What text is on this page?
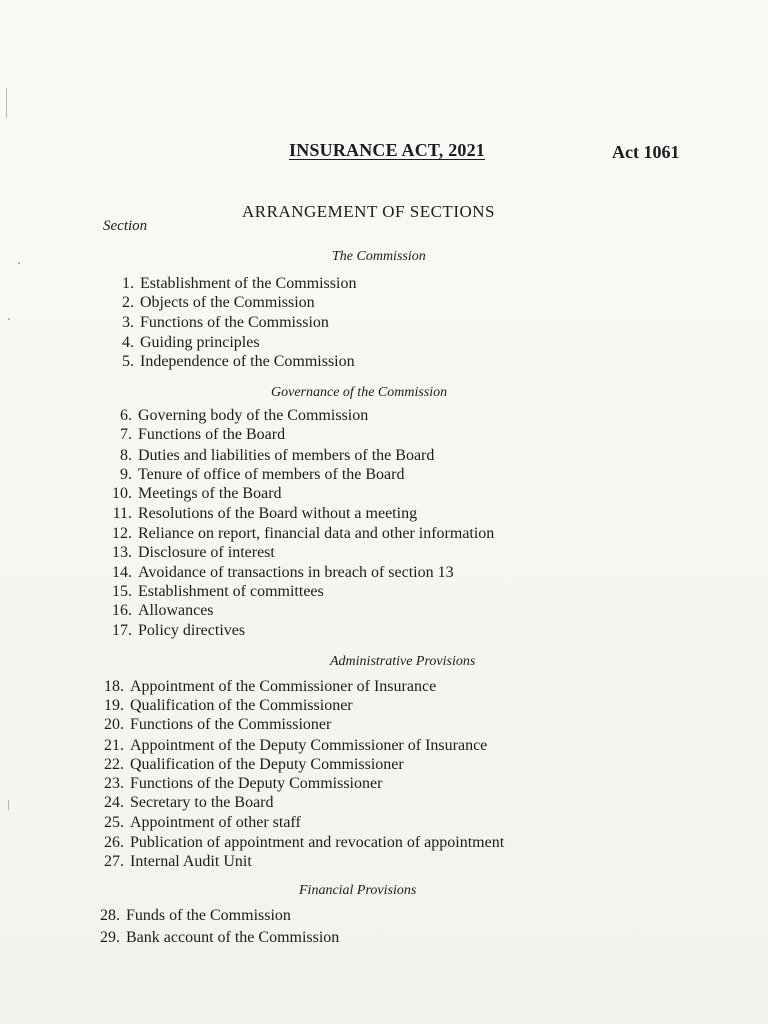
INSURANCE ACT, 2021	Act 1061
ARRANGEMENT OF SECTIONS
Section
The Commission
Governance of the Commission
Administrative Provisions
Financial Provisions
1. Establishment of the Commission
2. Objects of the Commission
3. Functions of the Commission
4. Guiding principles
5. Independence of the Commission
6. Governing body of the Commission
7. Functions of the Board
8. Duties and liabilities of members of the Board
9. Tenure of office of members of the Board
10. Meetings of the Board
11. Resolutions of the Board without a meeting
12. Reliance on report, financial data and other information
13. Disclosure of interest
14. Avoidance of transactions in breach of section 13
15. Establishment of committees
16. Allowances
17. Policy directives
18. Appointment of the Commissioner of Insurance
19. Qualification of the Commissioner
20. Functions of the Commissioner
21. Appointment of the Deputy Commissioner of Insurance
22. Qualification of the Deputy Commissioner
23. Functions of the Deputy Commissioner
24. Secretary to the Board
25. Appointment of other staff
26. Publication of appointment and revocation of appointment
27. Internal Audit Unit
28. Funds of the Commission
29. Bank account of the Commission
